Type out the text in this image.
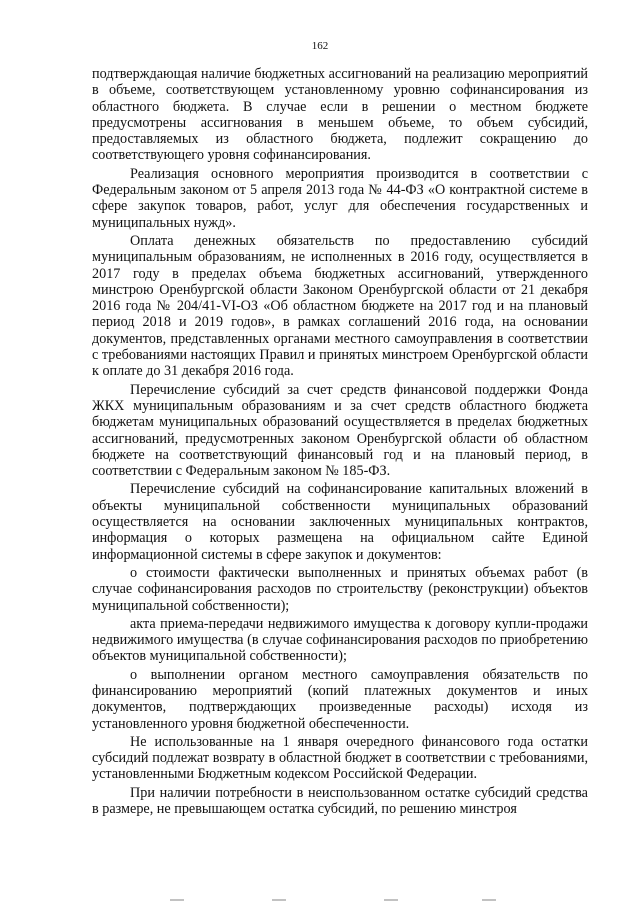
162

подтверждающая наличие бюджетных ассигнований на реализацию мероприятий в объеме, соответствующем установленному уровню софинансирования из областного бюджета. В случае если в решении о местном бюджете предусмотрены ассигнования в меньшем объеме, то объем субсидий, предоставляемых из областного бюджета, подлежит сокращению до соответствующего уровня софинансирования.

Реализация основного мероприятия производится в соответствии с Федеральным законом от 5 апреля 2013 года № 44-ФЗ «О контрактной системе в сфере закупок товаров, работ, услуг для обеспечения государственных и муниципальных нужд».

Оплата денежных обязательств по предоставлению субсидий муниципальным образованиям, не исполненных в 2016 году, осуществляется в 2017 году в пределах объема бюджетных ассигнований, утвержденного минстрою Оренбургской области Законом Оренбургской области от 21 декабря 2016 года № 204/41-VI-ОЗ «Об областном бюджете на 2017 год и на плановый период 2018 и 2019 годов», в рамках соглашений 2016 года, на основании документов, представленных органами местного самоуправления в соответствии с требованиями настоящих Правил и принятых минстроем Оренбургской области к оплате до 31 декабря 2016 года.

Перечисление субсидий за счет средств финансовой поддержки Фонда ЖКХ муниципальным образованиям и за счет средств областного бюджета бюджетам муниципальных образований осуществляется в пределах бюджетных ассигнований, предусмотренных законом Оренбургской области об областном бюджете на соответствующий финансовый год и на плановый период, в соответствии с Федеральным законом № 185-ФЗ.

Перечисление субсидий на софинансирование капитальных вложений в объекты муниципальной собственности муниципальных образований осуществляется на основании заключенных муниципальных контрактов, информация о которых размещена на официальном сайте Единой информационной системы в сфере закупок и документов:

о стоимости фактически выполненных и принятых объемах работ (в случае софинансирования расходов по строительству (реконструкции) объектов муниципальной собственности);

акта приема-передачи недвижимого имущества к договору купли-продажи недвижимого имущества (в случае софинансирования расходов по приобретению объектов муниципальной собственности);

о выполнении органом местного самоуправления обязательств по финансированию мероприятий (копий платежных документов и иных документов, подтверждающих произведенные расходы) исходя из установленного уровня бюджетной обеспеченности.

Не использованные на 1 января очередного финансового года остатки субсидий подлежат возврату в областной бюджет в соответствии с требованиями, установленными Бюджетным кодексом Российской Федерации.

При наличии потребности в неиспользованном остатке субсидий средства в размере, не превышающем остатка субсидий, по решению минстроя
